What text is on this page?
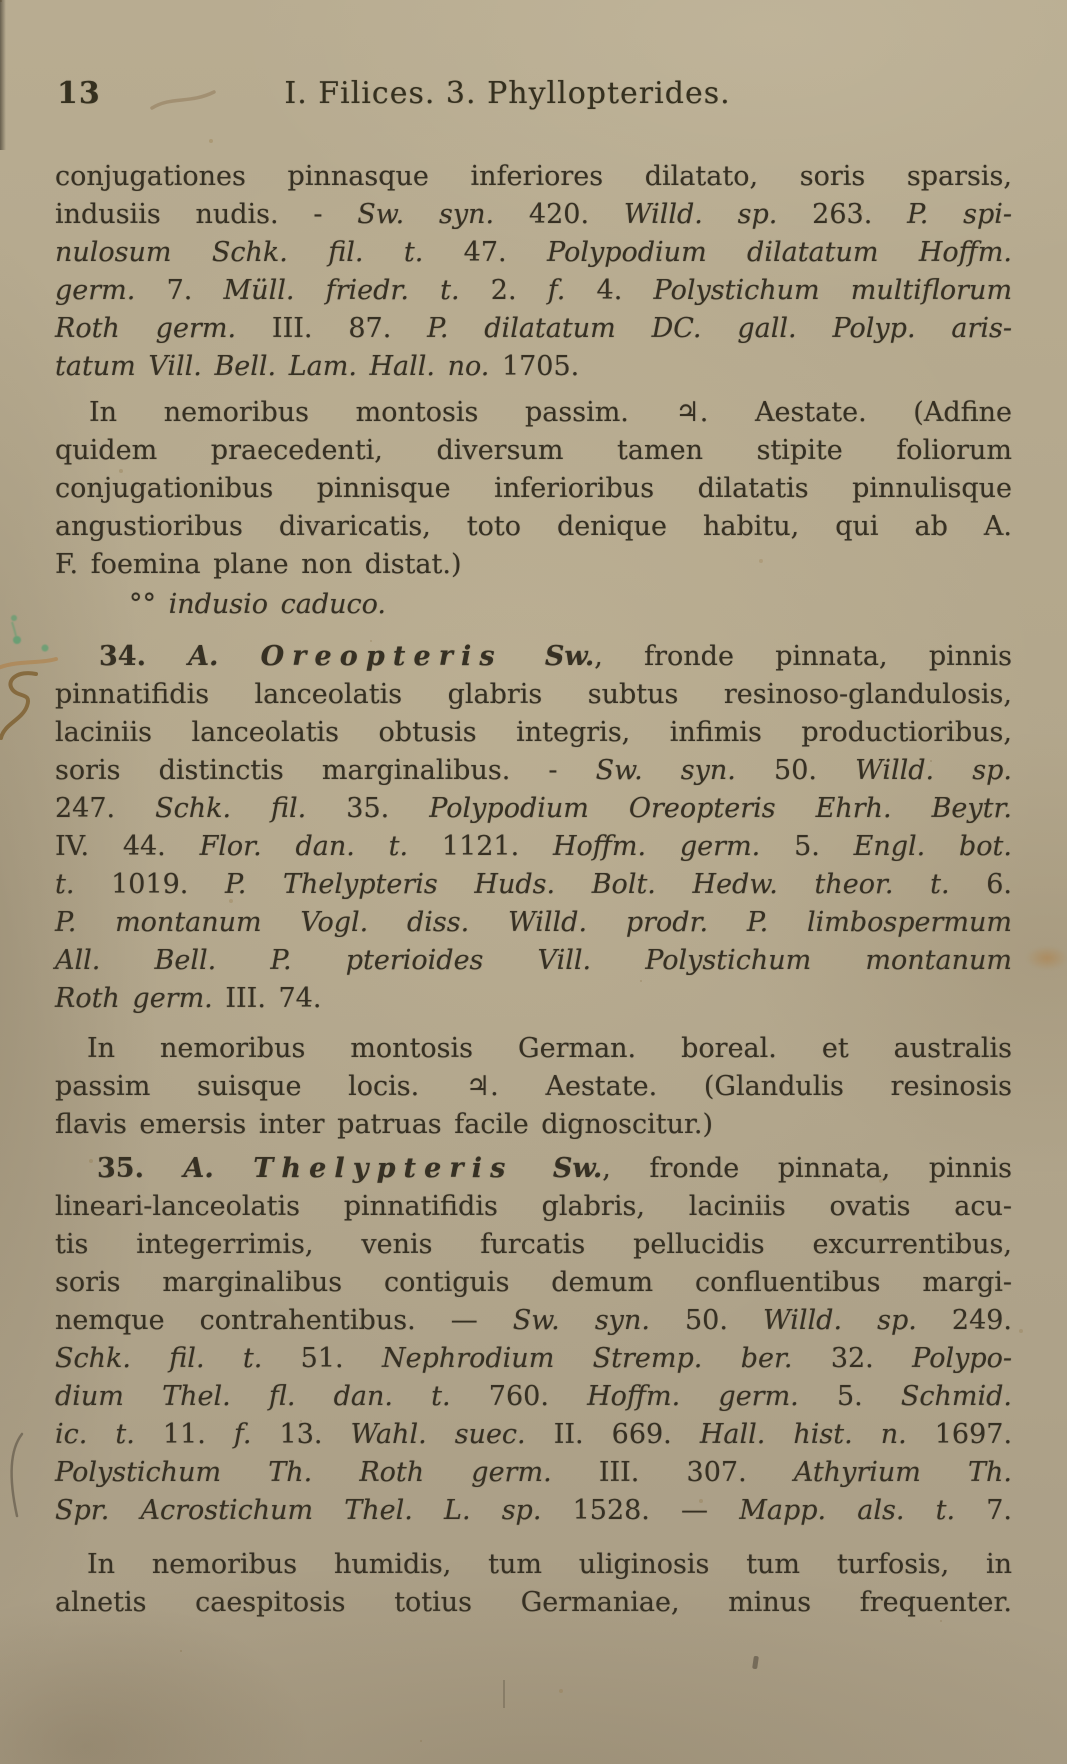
13	I. Filices. 3. Phyllopterides.
conjugationes pinnasque inferiores dilatato, soris sparsis,
indusiis nudis. - Sw. syn. 420. Willd. sp. 263. P. spi-
nulosum Schk. fil. t. 47. Polypodium dilatatum Hoffm.
germ. 7. Müll. friedr. t. 2. f. 4. Polystichum multiflorum
Roth germ. III. 87. P. dilatatum DC. gall. Polyp. aris-
tatum Vill. Bell. Lam. Hall. no. 1705.
In nemoribus montosis passim. ♃. Aestate. (Adfine
quidem praecedenti, diversum tamen stipite foliorum
conjugationibus pinnisque inferioribus dilatatis pinnulisque
angustioribus divaricatis, toto denique habitu, qui ab A.
F. foemina plane non distat.)
°° indusio caduco.
34. A. Oreopteris Sw., fronde pinnata, pinnis
pinnatifidis lanceolatis glabris subtus resinoso-glandulosis,
laciniis lanceolatis obtusis integris, infimis productioribus,
soris distinctis marginalibus. - Sw. syn. 50. Willd. sp.
247. Schk. fil. 35. Polypodium Oreopteris Ehrh. Beytr.
IV. 44. Flor. dan. t. 1121. Hoffm. germ. 5. Engl. bot.
t. 1019. P. Thelypteris Huds. Bolt. Hedw. theor. t. 6.
P. montanum Vogl. diss. Willd. prodr. P. limbospermum
All. Bell. P. pterioides Vill. Polystichum montanum
Roth germ. III. 74.
In nemoribus montosis German. boreal. et australis
passim suisque locis. ♃. Aestate. (Glandulis resinosis
flavis emersis inter patruas facile dignoscitur.)
35. A. Thelypteris Sw., fronde pinnata, pinnis
lineari-lanceolatis pinnatifidis glabris, laciniis ovatis acu-
tis integerrimis, venis furcatis pellucidis excurrentibus,
soris marginalibus contiguis demum confluentibus margi-
nemque contrahentibus. — Sw. syn. 50. Willd. sp. 249.
Schk. fil. t. 51. Nephrodium Stremp. ber. 32. Polypo-
dium Thel. fl. dan. t. 760. Hoffm. germ. 5. Schmid.
ic. t. 11. f. 13. Wahl. suec. II. 669. Hall. hist. n. 1697.
Polystichum Th. Roth germ. III. 307. Athyrium Th.
Spr. Acrostichum Thel. L. sp. 1528. — Mapp. als. t. 7.
In nemoribus humidis, tum uliginosis tum turfosis, in
alnetis caespitosis totius Germaniae, minus frequenter.
